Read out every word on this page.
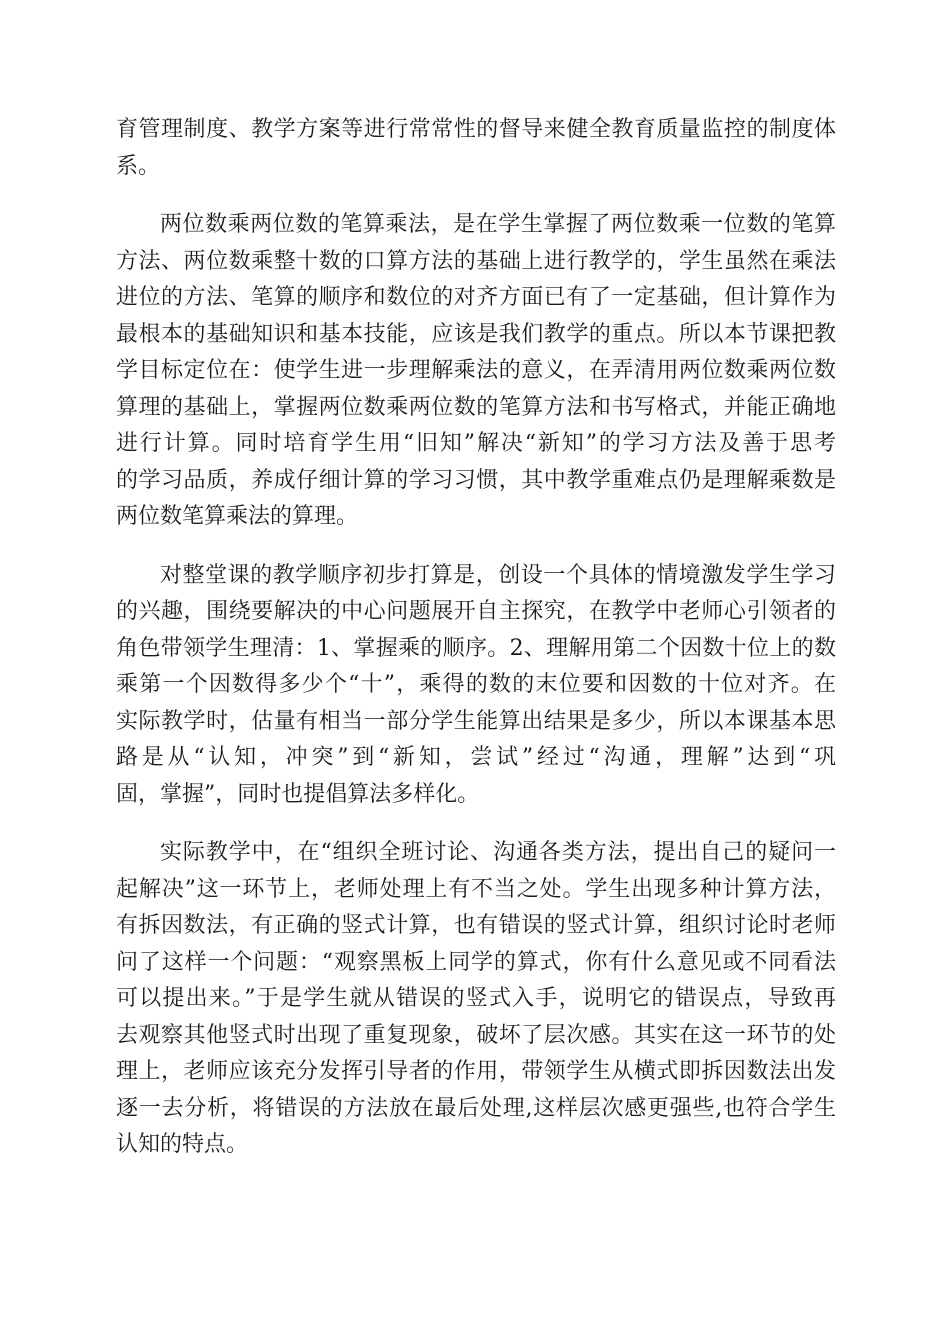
育管理制度、教学方案等进行常常性的督导来健全教育质量监控的制度体
系。
两位数乘两位数的笔算乘法，是在学生掌握了两位数乘一位数的笔算
方法、两位数乘整十数的口算方法的基础上进行教学的，学生虽然在乘法
进位的方法、笔算的顺序和数位的对齐方面已有了一定基础，但计算作为
最根本的基础知识和基本技能，应该是我们教学的重点。所以本节课把教
学目标定位在：使学生进一步理解乘法的意义，在弄清用两位数乘两位数
算理的基础上，掌握两位数乘两位数的笔算方法和书写格式，并能正确地
进行计算。同时培育学生用“旧知”解决“新知”的学习方法及善于思考
的学习品质，养成仔细计算的学习习惯，其中教学重难点仍是理解乘数是
两位数笔算乘法的算理。
对整堂课的教学顺序初步打算是，创设一个具体的情境激发学生学习
的兴趣，围绕要解决的中心问题展开自主探究，在教学中老师心引领者的
角色带领学生理清：1、掌握乘的顺序。2、理解用第二个因数十位上的数
乘第一个因数得多少个“十”，乘得的数的末位要和因数的十位对齐。在
实际教学时，估量有相当一部分学生能算出结果是多少，所以本课基本思
路是从“认知，冲突”到“新知，尝试”经过“沟通，理解”达到“巩
固，掌握”，同时也提倡算法多样化。
实际教学中，在“组织全班讨论、沟通各类方法，提出自己的疑问一
起解决”这一环节上，老师处理上有不当之处。学生出现多种计算方法，
有拆因数法，有正确的竖式计算，也有错误的竖式计算，组织讨论时老师
问了这样一个问题：“观察黑板上同学的算式，你有什么意见或不同看法
可以提出来。”于是学生就从错误的竖式入手，说明它的错误点，导致再
去观察其他竖式时出现了重复现象，破坏了层次感。其实在这一环节的处
理上，老师应该充分发挥引导者的作用，带领学生从横式即拆因数法出发
逐一去分析，将错误的方法放在最后处理,这样层次感更强些,也符合学生
认知的特点。
